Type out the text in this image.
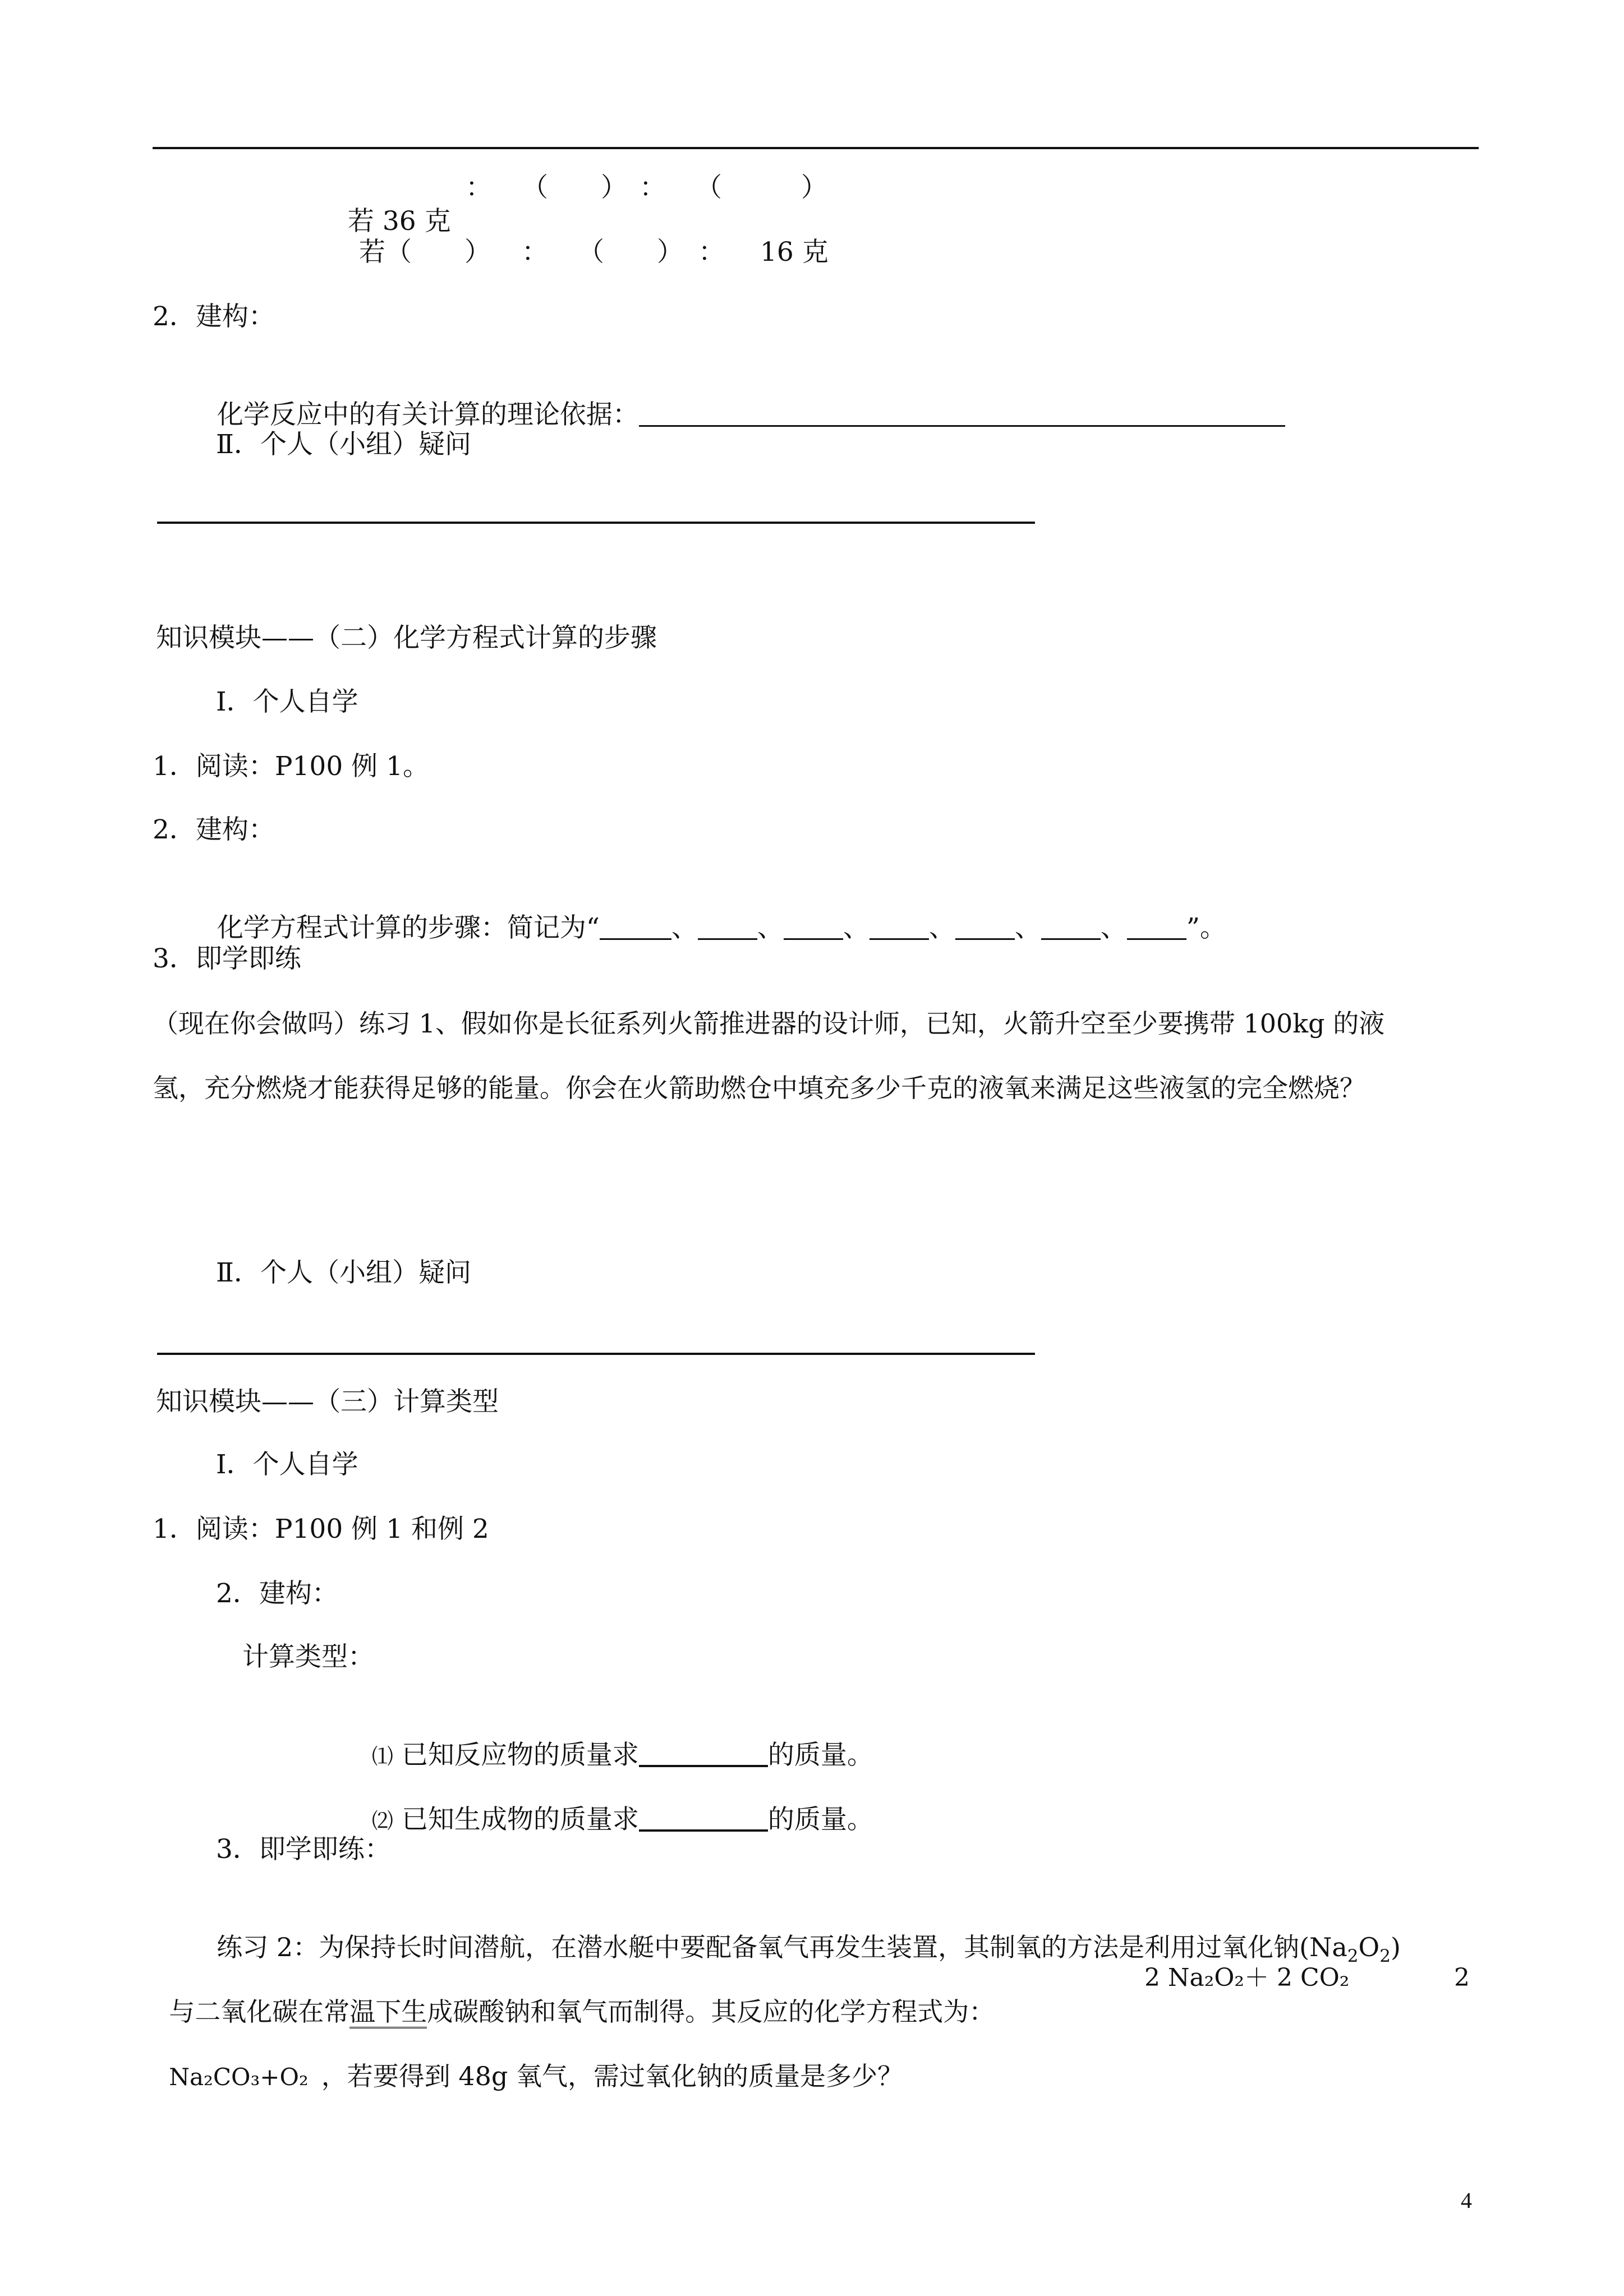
若 36 克

： （　　） ： （　　　）
若（　　） ： （　　） ： 16 克
2．建构：

化学反应中的有关计算的理论依据：

Ⅱ．个人（小组）疑问
知识模块——（二）化学方程式计算的步骤
Ⅰ．个人自学
1．阅读：P100 例 1。
2．建构：

化学方程式计算的步骤：简记为“	、 、 、 、 、 、 ”。

3．即学即练
（现在你会做吗）练习 1、假如你是长征系列火箭推进器的设计师，已知，火箭升空至少要携带 100kg 的液
氢，充分燃烧才能获得足够的能量。你会在火箭助燃仓中填充多少千克的液氧来满足这些液氢的完全燃烧？
Ⅱ．个人（小组）疑问
知识模块——（三）计算类型
Ⅰ．个人自学
1．阅读：P100 例 1 和例 2
2．建构：
计算类型：

⑴ 已知反应物的质量求	的质量。

⑵ 已知生成物的质量求	的质量。

3．即学即练：

练习 2：为保持长时间潜航，在潜水艇中要配备氧气再发生装置，其制氧的方法是利用过氧化钠$(Na_2O_2)$

与二氧化碳在常温下生成碳酸钠和氧气而制得。其反应的化学方程式为：

2 Na₂O₂＋ 2 CO₂	2

Na₂CO₃+O₂  ，若要得到 48g 氧气，需过氧化钠的质量是多少？

4
